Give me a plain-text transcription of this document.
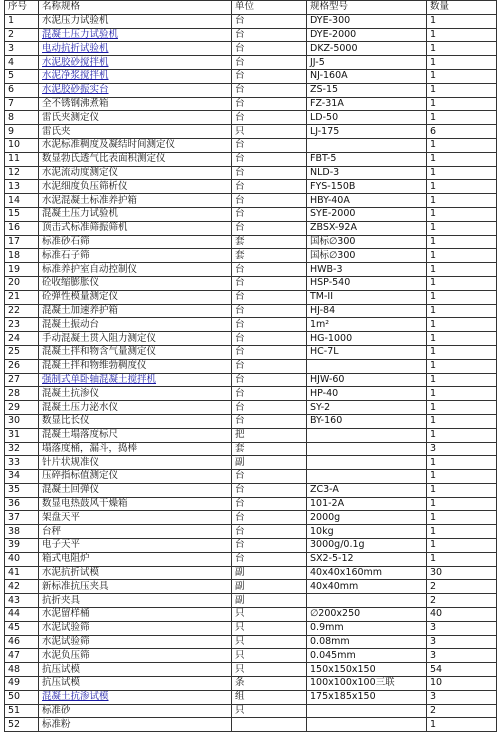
序号	名称规格	单位	规格型号	数量
1	水泥压力试验机	台	DYE-300	1
2	混凝土压力试验机	台	DYE-2000	1
3	电动抗折试验机	台	DKZ-5000	1
4	水泥胶砂搅拌机	台	JJ-5	1
5	水泥净浆搅拌机	台	NJ-160A	1
6	水泥胶砂振实台	台	ZS-15	1
7	全不锈钢沸煮箱	台	FZ-31A	1
8	雷氏夹测定仪	台	LD-50	1
9	雷氏夹	只	LJ-175	6
10	水泥标准稠度及凝结时间测定仪	台		1
11	数显勃氏透气比表面积测定仪	台	FBT-5	1
12	水泥流动度测定仪	台	NLD-3	1
13	水泥细度负压筛析仪	台	FYS-150B	1
14	水泥混凝土标准养护箱	台	HBY-40A	1
15	混凝土压力试验机	台	SYE-2000	1
16	顶击式标准筛振筛机	台	ZBSX-92A	1
17	标准砂石筛	套	国标∅300	1
18	标准石子筛	套	国标∅300	1
19	标准养护室自动控制仪	台	HWB-3	1
20	砼收缩膨胀仪	台	HSP-540	1
21	砼弹性模量测定仪	台	TM-II	1
22	混凝土加速养护箱	台	HJ-84	1
23	混凝土振动台	台	1m²	1
24	手动混凝土贯入阻力测定仪	台	HG-1000	1
25	混凝土拌和物含气量测定仪	台	HC-7L	1
26	混凝土拌和物维勃稠度仪	台		1
27	强制式单卧轴混凝土搅拌机	台	HJW-60	1
28	混凝土抗渗仪	台	HP-40	1
29	混凝土压力泌水仪	台	SY-2	1
30	数显比长仪	台	BY-160	1
31	混凝土塌落度标尺	把		1
32	塌落度桶，漏斗，捣棒	套		3
33	针片状规准仪	副		1
34	压碎指标值测定仪	台		1
35	混凝土回弹仪	台	ZC3-A	1
36	数显电热鼓风干燥箱	台	101-2A	1
37	架盘天平	台	2000g	1
38	台秤	台	10kg	1
39	电子天平	台	3000g/0.1g	1
40	箱式电阻炉	台	SX2-5-12	1
41	水泥抗折试模	副	40x40x160mm	30
42	新标准抗压夹具	副	40x40mm	2
43	抗折夹具	副		2
44	水泥留样桶	只	∅200x250	40
45	水泥试验筛	只	0.9mm	3
46	水泥试验筛	只	0.08mm	3
47	水泥负压筛	只	0.045mm	3
48	抗压试模	只	150x150x150	54
49	抗压试模	条	100x100x100三联	10
50	混凝土抗渗试模	组	175x185x150	3
51	标准砂	只		2
52	标准粉			1
